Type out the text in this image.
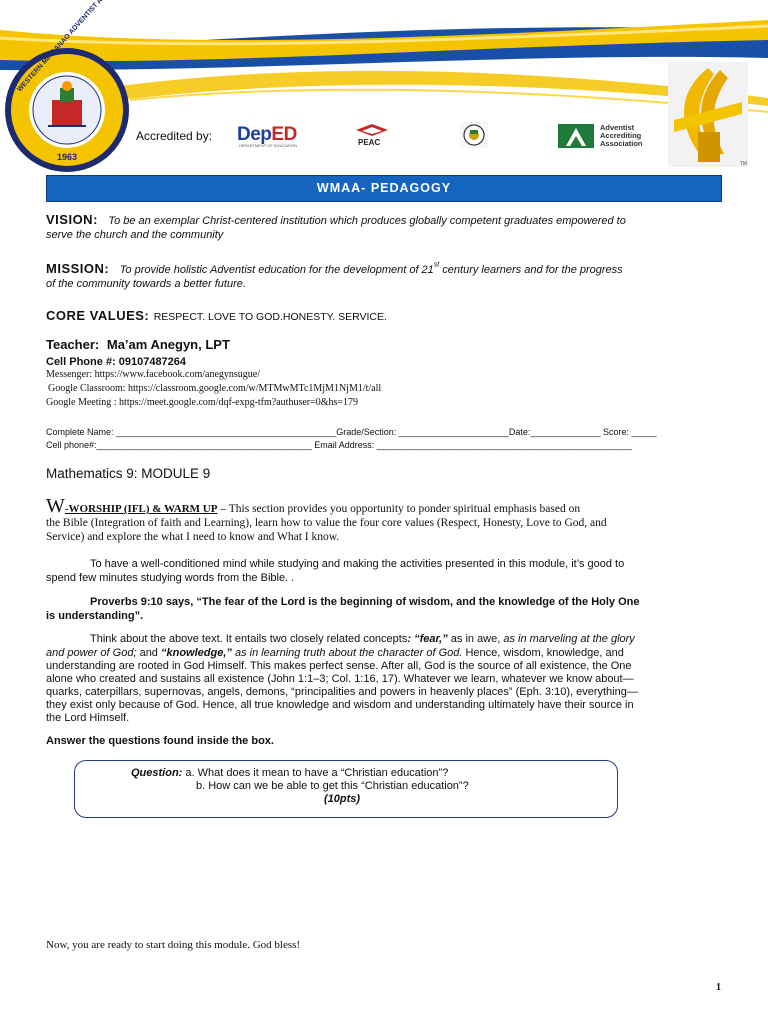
TM
1963
Accredited by: DepED
DEPARTMENT OF EDUCATION	PEAC
Adventist Accrediting Association
WMAA- PEDAGOGY
VISION: To be an exemplar Christ-centered institution which produces globally competent graduates empowered to
serve the church and the community
MISSION: To provide holistic Adventist education for the development of 21st century learners and for the progress
of the community towards a better future.
CORE VALUES: RESPECT. LOVE TO GOD.HONESTY. SERVICE.
Teacher: Ma’am Anegyn, LPT
Cell Phone #: 09107487264
Messenger: https://www.facebook.com/anegynsugue/
Google Classroom: https://classroom.google.com/w/MTMwMTc1MjM1NjM1/t/all
Google Meeting : https://meet.google.com/dqf-expg-tfm?authuser=0&hs=179
Complete Name: ____________________________________________Grade/Section: ______________________Date:______________ Score: _____
Cell phone#:___________________________________________ Email Address: ___________________________________________________
Mathematics 9: MODULE 9
W-WORSHIP (IFL) & WARM UP – This section provides you opportunity to ponder spiritual emphasis based on
the Bible (Integration of faith and Learning), learn how to value the four core values (Respect, Honesty, Love to God, and
Service) and explore the what I need to know and What I know.
To have a well-conditioned mind while studying and making the activities presented in this module, it’s good to
spend few minutes studying words from the Bible. .
Proverbs 9:10 says, “The fear of the Lord is the beginning of wisdom, and the knowledge of the Holy One
is understanding”.
Think about the above text. It entails two closely related concepts: “fear,” as in awe, as in marveling at the glory
and power of God; and “knowledge,” as in learning truth about the character of God. Hence, wisdom, knowledge, and
understanding are rooted in God Himself. This makes perfect sense. After all, God is the source of all existence, the One
alone who created and sustains all existence (John 1:1–3; Col. 1:16, 17). Whatever we learn, whatever we know about—
quarks, caterpillars, supernovas, angels, demons, “principalities and powers in heavenly places” (Eph. 3:10), everything—
they exist only because of God. Hence, all true knowledge and wisdom and understanding ultimately have their source in
the Lord Himself.
Answer the questions found inside the box.
Question: a. What does it mean to have a “Christian education”?
b. How can we be able to get this “Christian education”?
(10pts)
Now, you are ready to start doing this module. God bless!
1
